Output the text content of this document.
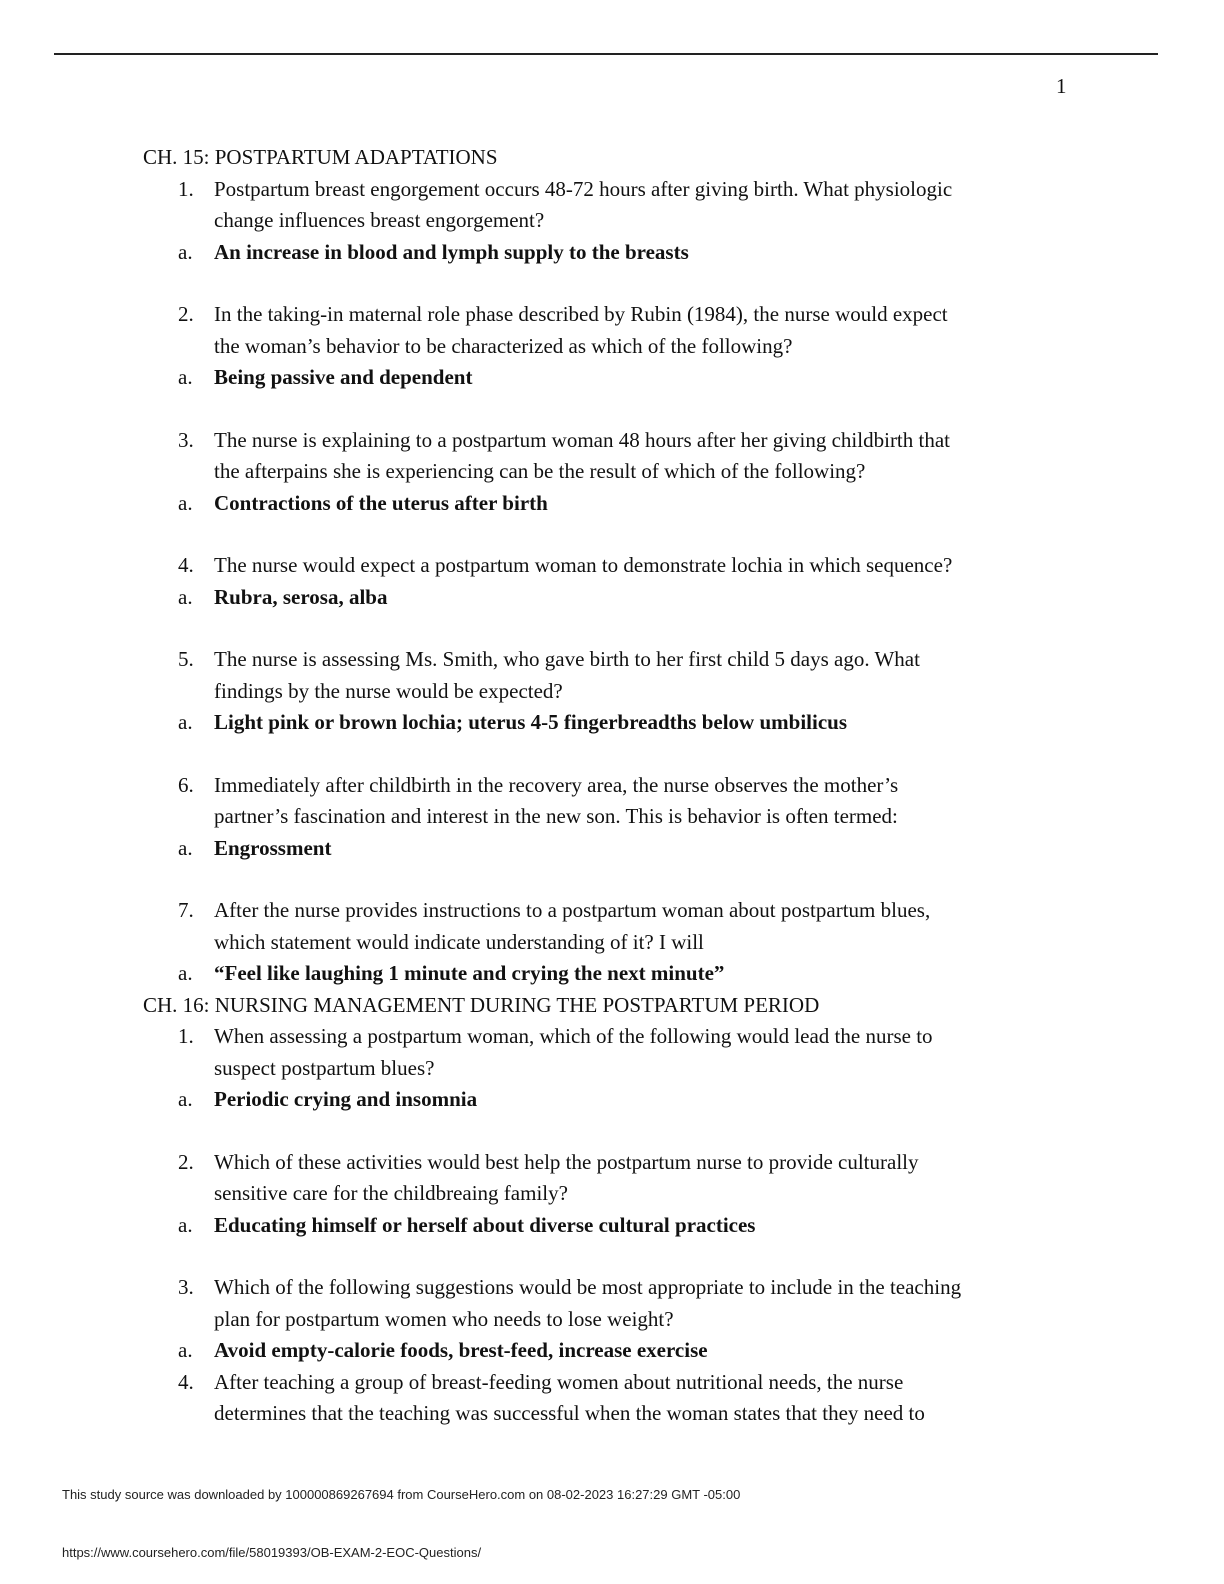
1
CH. 15: POSTPARTUM ADAPTATIONS
1. Postpartum breast engorgement occurs 48-72 hours after giving birth. What physiologic
change influences breast engorgement?
a. An increase in blood and lymph supply to the breasts
2. In the taking-in maternal role phase described by Rubin (1984), the nurse would expect
the woman’s behavior to be characterized as which of the following?
a. Being passive and dependent
3. The nurse is explaining to a postpartum woman 48 hours after her giving childbirth that
the afterpains she is experiencing can be the result of which of the following?
a. Contractions of the uterus after birth
4. The nurse would expect a postpartum woman to demonstrate lochia in which sequence?
a. Rubra, serosa, alba
5. The nurse is assessing Ms. Smith, who gave birth to her first child 5 days ago. What
findings by the nurse would be expected?
a. Light pink or brown lochia; uterus 4-5 fingerbreadths below umbilicus
6. Immediately after childbirth in the recovery area, the nurse observes the mother’s
partner’s fascination and interest in the new son. This is behavior is often termed:
a. Engrossment
7. After the nurse provides instructions to a postpartum woman about postpartum blues,
which statement would indicate understanding of it? I will
a. “Feel like laughing 1 minute and crying the next minute”
CH. 16: NURSING MANAGEMENT DURING THE POSTPARTUM PERIOD
1. When assessing a postpartum woman, which of the following would lead the nurse to
suspect postpartum blues?
a. Periodic crying and insomnia
2. Which of these activities would best help the postpartum nurse to provide culturally
sensitive care for the childbreaing family?
a. Educating himself or herself about diverse cultural practices
3. Which of the following suggestions would be most appropriate to include in the teaching
plan for postpartum women who needs to lose weight?
a. Avoid empty-calorie foods, brest-feed, increase exercise
4. After teaching a group of breast-feeding women about nutritional needs, the nurse
determines that the teaching was successful when the woman states that they need to
This study source was downloaded by 100000869267694 from CourseHero.com on 08-02-2023 16:27:29 GMT -05:00
https://www.coursehero.com/file/58019393/OB-EXAM-2-EOC-Questions/
